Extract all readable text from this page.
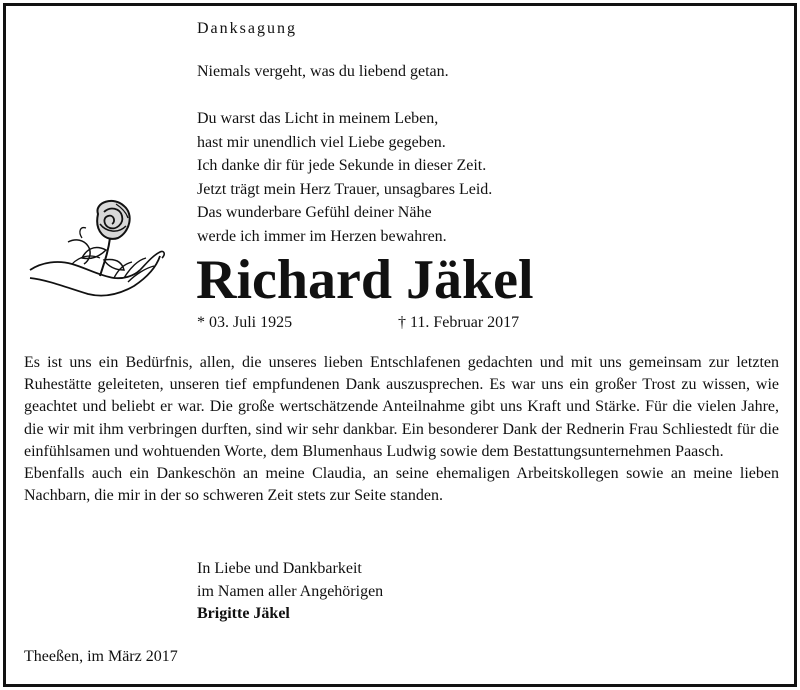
Danksagung
Niemals vergeht, was du liebend getan.
Du warst das Licht in meinem Leben,
hast mir unendlich viel Liebe gegeben.
Ich danke dir für jede Sekunde in dieser Zeit.
Jetzt trägt mein Herz Trauer, unsagbares Leid.
Das wunderbare Gefühl deiner Nähe
werde ich immer im Herzen bewahren.
Richard Jäkel
* 03. Juli 1925	† 11. Februar 2017

Es ist uns ein Bedürfnis, allen, die unseres lieben Entschlafenen gedachten und mit uns gemeinsam zur letzten Ruhestätte geleiteten, unseren tief empfundenen Dank auszusprechen. Es war uns ein großer Trost zu wissen, wie geachtet und beliebt er war. Die große wertschätzende Anteilnahme gibt uns Kraft und Stärke. Für die vielen Jahre, die wir mit ihm verbringen durften, sind wir sehr dankbar. Ein besonderer Dank der Rednerin Frau Schliestedt für die einfühlsamen und wohtuenden Worte, dem Blumenhaus Ludwig sowie dem Bestattungsunternehmen Paasch.

Ebenfalls auch ein Dankeschön an meine Claudia, an seine ehemaligen Arbeitskollegen sowie an meine lieben Nachbarn, die mir in der so schweren Zeit stets zur Seite standen.

In Liebe und Dankbarkeit
im Namen aller Angehörigen
Brigitte Jäkel
Theeßen, im März 2017
